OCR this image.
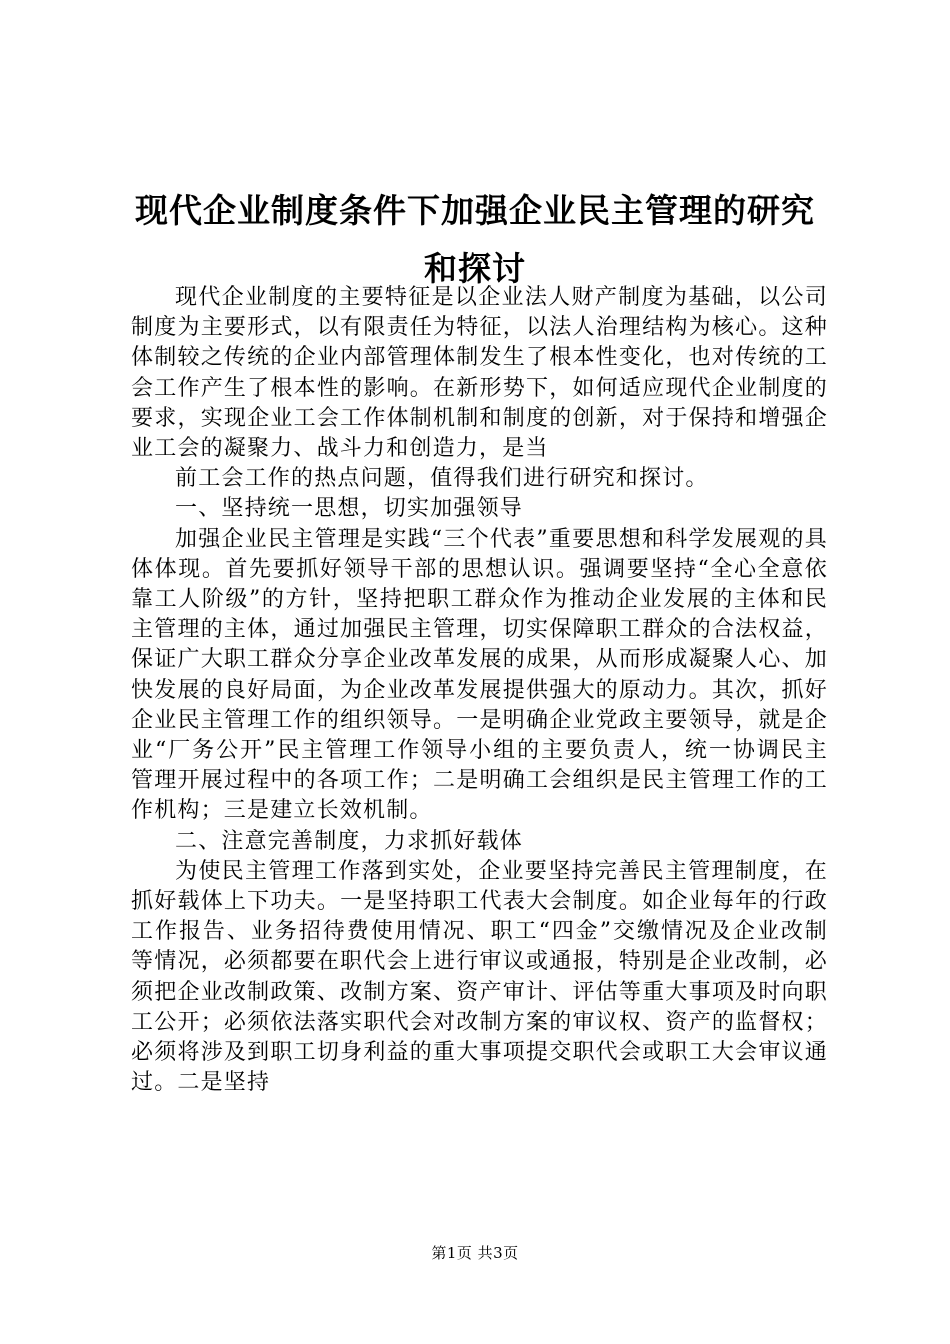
现代企业制度条件下加强企业民主管理的研究
和探讨

现代企业制度的主要特征是以企业法人财产制度为基础，以公司制度为主要形式，以有限责任为特征，以法人治理结构为核心。这种体制较之传统的企业内部管理体制发生了根本性变化，也对传统的工会工作产生了根本性的影响。在新形势下，如何适应现代企业制度的要求，实现企业工会工作体制机制和制度的创新，对于保持和增强企业工会的凝聚力、战斗力和创造力，是当

前工会工作的热点问题，值得我们进行研究和探讨。

一、坚持统一思想，切实加强领导

加强企业民主管理是实践“三个代表”重要思想和科学发展观的具体体现。首先要抓好领导干部的思想认识。强调要坚持“全心全意依靠工人阶级”的方针，坚持把职工群众作为推动企业发展的主体和民主管理的主体，通过加强民主管理，切实保障职工群众的合法权益，保证广大职工群众分享企业改革发展的成果，从而形成凝聚人心、加快发展的良好局面，为企业改革发展提供强大的原动力。其次，抓好企业民主管理工作的组织领导。一是明确企业党政主要领导，就是企业“厂务公开”民主管理工作领导小组的主要负责人，统一协调民主管理开展过程中的各项工作；二是明确工会组织是民主管理工作的工作机构；三是建立长效机制。

二、注意完善制度，力求抓好载体

为使民主管理工作落到实处，企业要坚持完善民主管理制度，在抓好载体上下功夫。一是坚持职工代表大会制度。如企业每年的行政工作报告、业务招待费使用情况、职工“四金”交缴情况及企业改制等情况，必须都要在职代会上进行审议或通报，特别是企业改制，必须把企业改制政策、改制方案、资产审计、评估等重大事项及时向职工公开；必须依法落实职代会对改制方案的审议权、资产的监督权；必须将涉及到职工切身利益的重大事项提交职代会或职工大会审议通过。二是坚持

第1页 共3页
